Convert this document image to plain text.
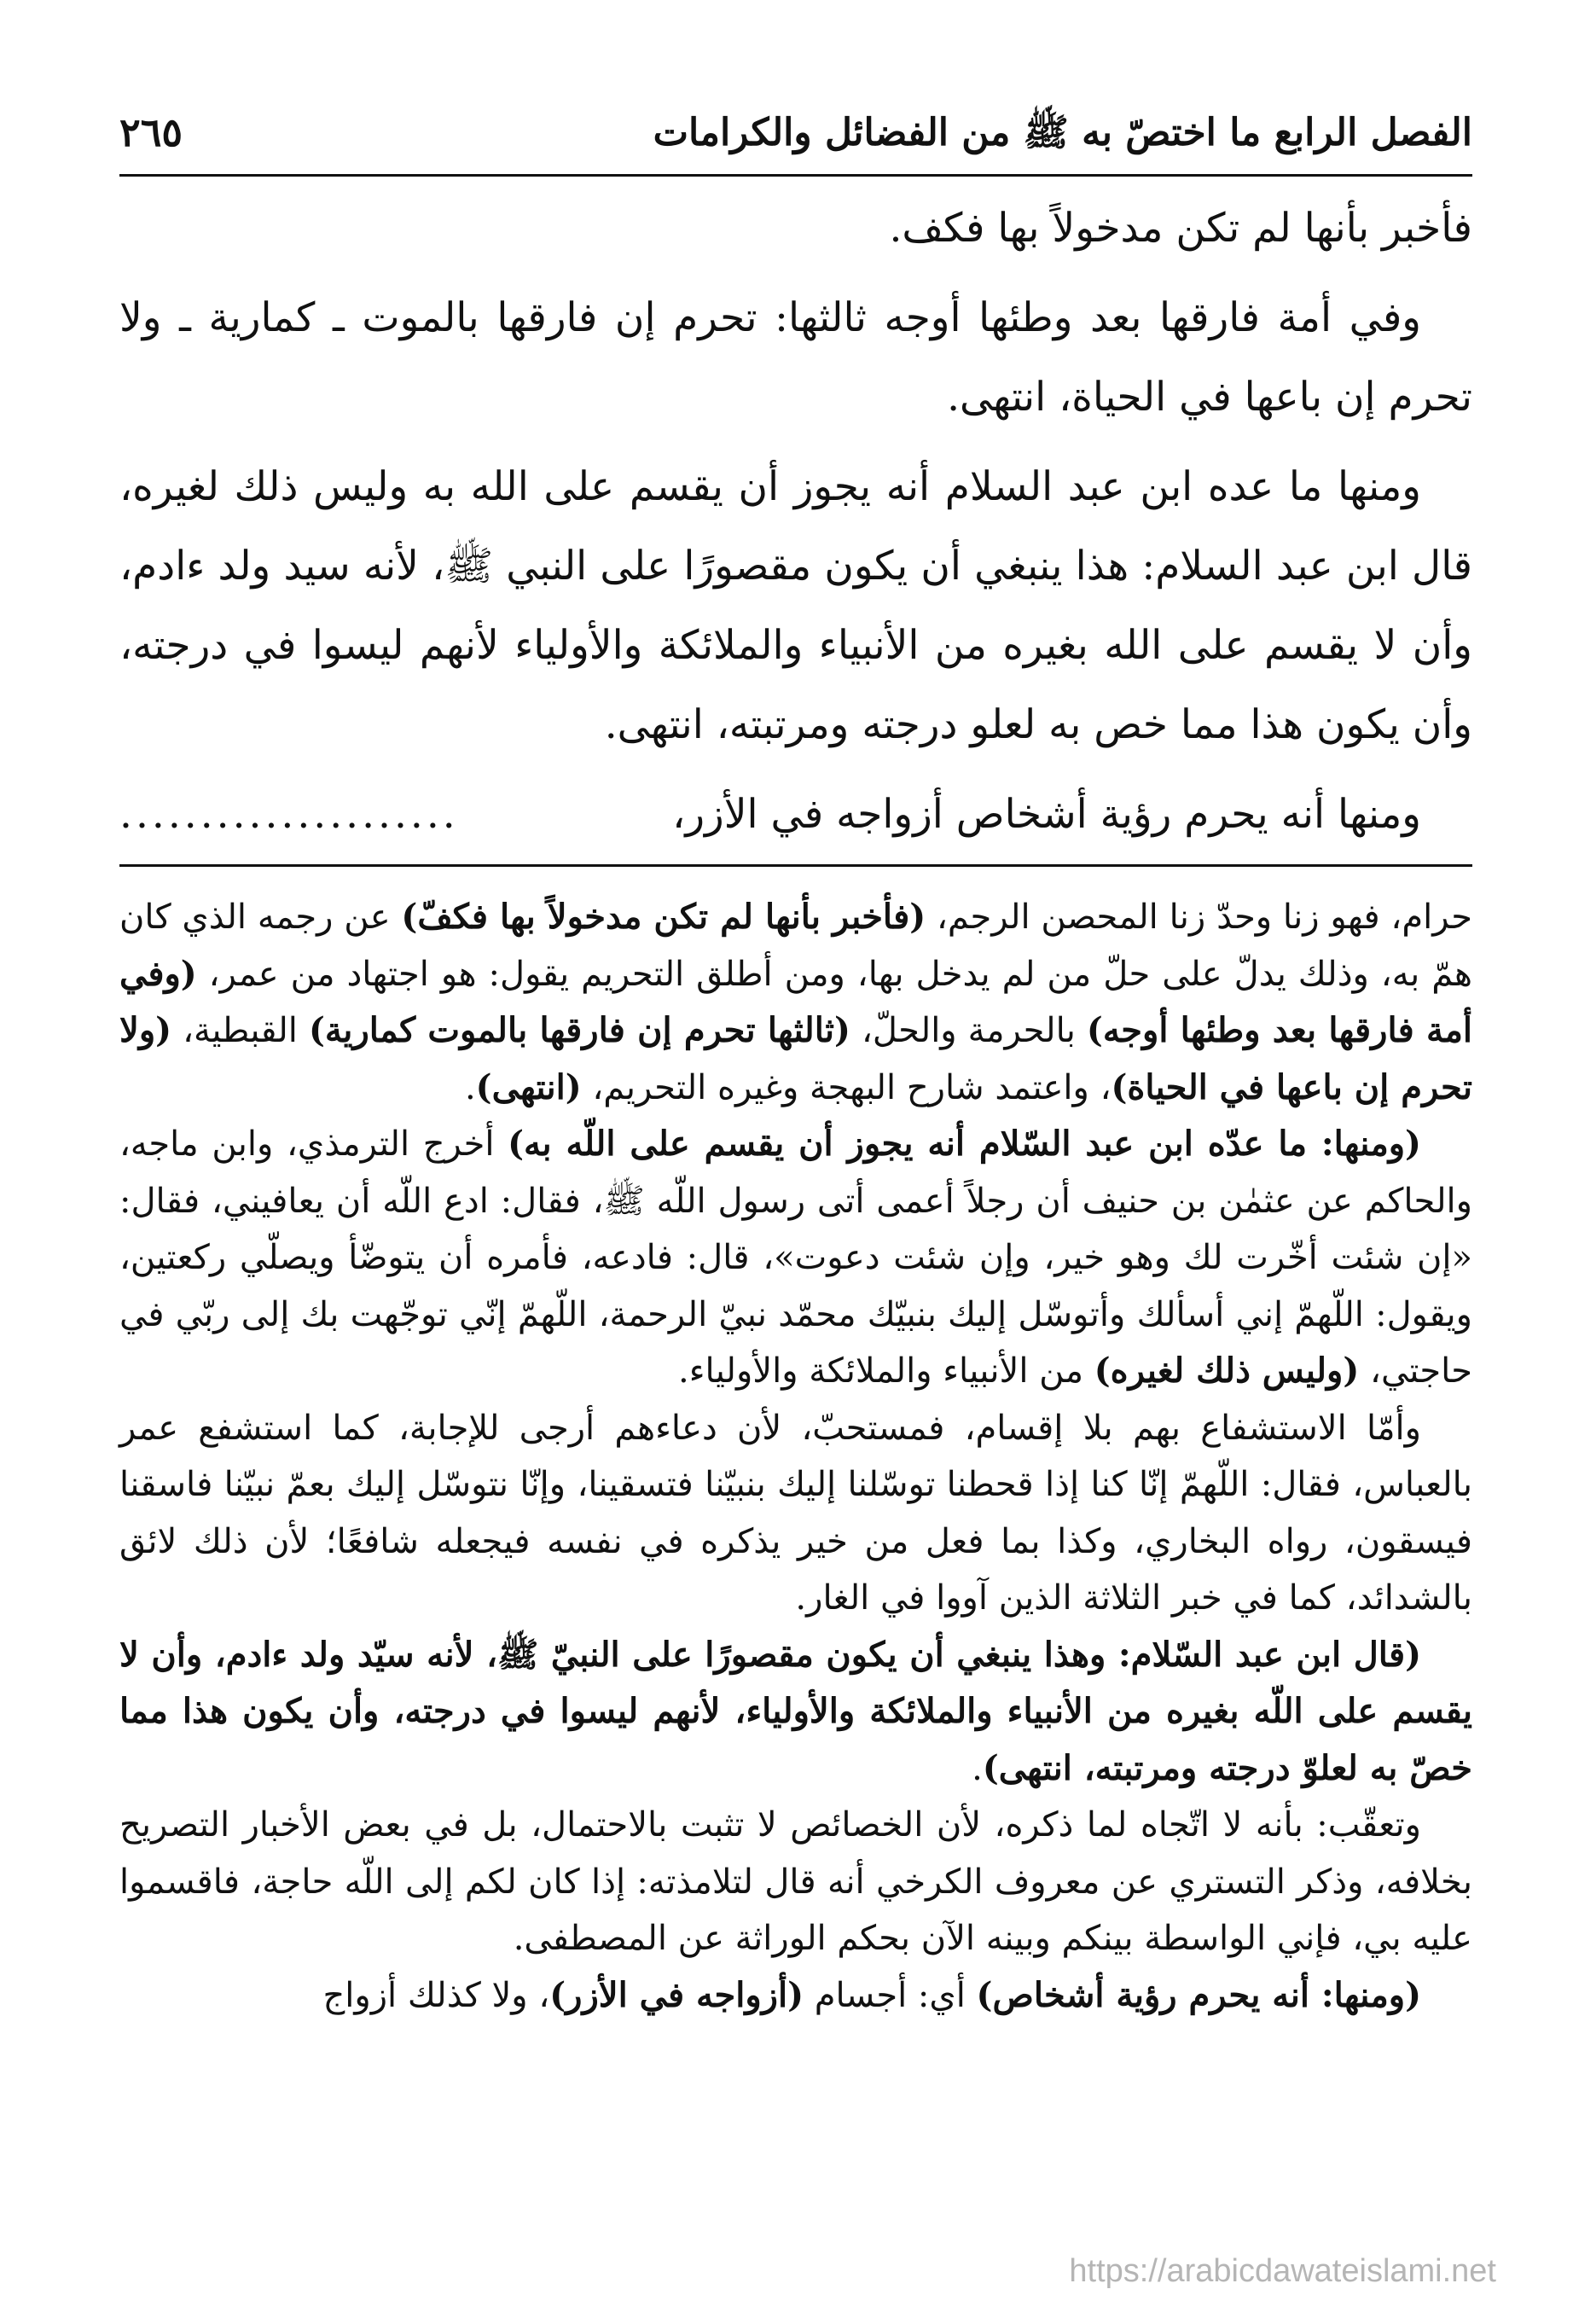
الفصل الرابع ما اختصّ به ﷺ من الفضائل والكرامات
٢٦٥

فأخبر بأنها لم تكن مدخولاً بها فكف.

وفي أمة فارقها بعد وطئها أوجه ثالثها: تحرم إن فارقها بالموت ـ كمارية ـ ولا تحرم إن باعها في الحياة، انتهى.

ومنها ما عده ابن عبد السلام أنه يجوز أن يقسم على الله به وليس ذلك لغيره، قال ابن عبد السلام: هذا ينبغي أن يكون مقصورًا على النبي ﷺ، لأنه سيد ولد ءادم، وأن لا يقسم على الله بغيره من الأنبياء والملائكة والأولياء لأنهم ليسوا في درجته، وأن يكون هذا مما خص به لعلو درجته ومرتبته، انتهى.

ومنها أنه يحرم رؤية أشخاص أزواجه في الأزر،
.....................

حرام، فهو زنا وحدّ زنا المحصن الرجم، (فأخبر بأنها لم تكن مدخولاً بها فكفّ) عن رجمه الذي كان همّ به، وذلك يدلّ على حلّ من لم يدخل بها، ومن أطلق التحريم يقول: هو اجتهاد من عمر، (وفي أمة فارقها بعد وطئها أوجه) بالحرمة والحلّ، (ثالثها تحرم إن فارقها بالموت كمارية) القبطية، (ولا تحرم إن باعها في الحياة)، واعتمد شارح البهجة وغيره التحريم، (انتهى).

(ومنها: ما عدّه ابن عبد السّلام أنه يجوز أن يقسم على اللّه به) أخرج الترمذي، وابن ماجه، والحاكم عن عثمٰن بن حنيف أن رجلاً أعمى أتى رسول اللّه ﷺ، فقال: ادع اللّه أن يعافيني، فقال: «إن شئت أخّرت لك وهو خير، وإن شئت دعوت»، قال: فادعه، فأمره أن يتوضّأ ويصلّي ركعتين، ويقول: اللّهمّ إني أسألك وأتوسّل إليك بنبيّك محمّد نبيّ الرحمة، اللّهمّ إنّي توجّهت بك إلى ربّي في حاجتي، (وليس ذلك لغيره) من الأنبياء والملائكة والأولياء.

وأمّا الاستشفاع بهم بلا إقسام، فمستحبّ، لأن دعاءهم أرجى للإجابة، كما استشفع عمر بالعباس، فقال: اللّهمّ إنّا كنا إذا قحطنا توسّلنا إليك بنبيّنا فتسقينا، وإنّا نتوسّل إليك بعمّ نبيّنا فاسقنا فيسقون، رواه البخاري، وكذا بما فعل من خير يذكره في نفسه فيجعله شافعًا؛ لأن ذلك لائق بالشدائد، كما في خبر الثلاثة الذين آووا في الغار.

(قال ابن عبد السّلام: وهذا ينبغي أن يكون مقصورًا على النبيّ ﷺ، لأنه سيّد ولد ءادم، وأن لا يقسم على اللّه بغيره من الأنبياء والملائكة والأولياء، لأنهم ليسوا في درجته، وأن يكون هذا مما خصّ به لعلوّ درجته ومرتبته، انتهى).

وتعقّب: بأنه لا اتّجاه لما ذكره، لأن الخصائص لا تثبت بالاحتمال، بل في بعض الأخبار التصريح بخلافه، وذكر التستري عن معروف الكرخي أنه قال لتلامذته: إذا كان لكم إلى اللّه حاجة، فاقسموا عليه بي، فإني الواسطة بينكم وبينه الآن بحكم الوراثة عن المصطفى.

(ومنها: أنه يحرم رؤية أشخاص) أي: أجسام (أزواجه في الأزر)، ولا كذلك أزواج

https://arabicdawateislami.net
